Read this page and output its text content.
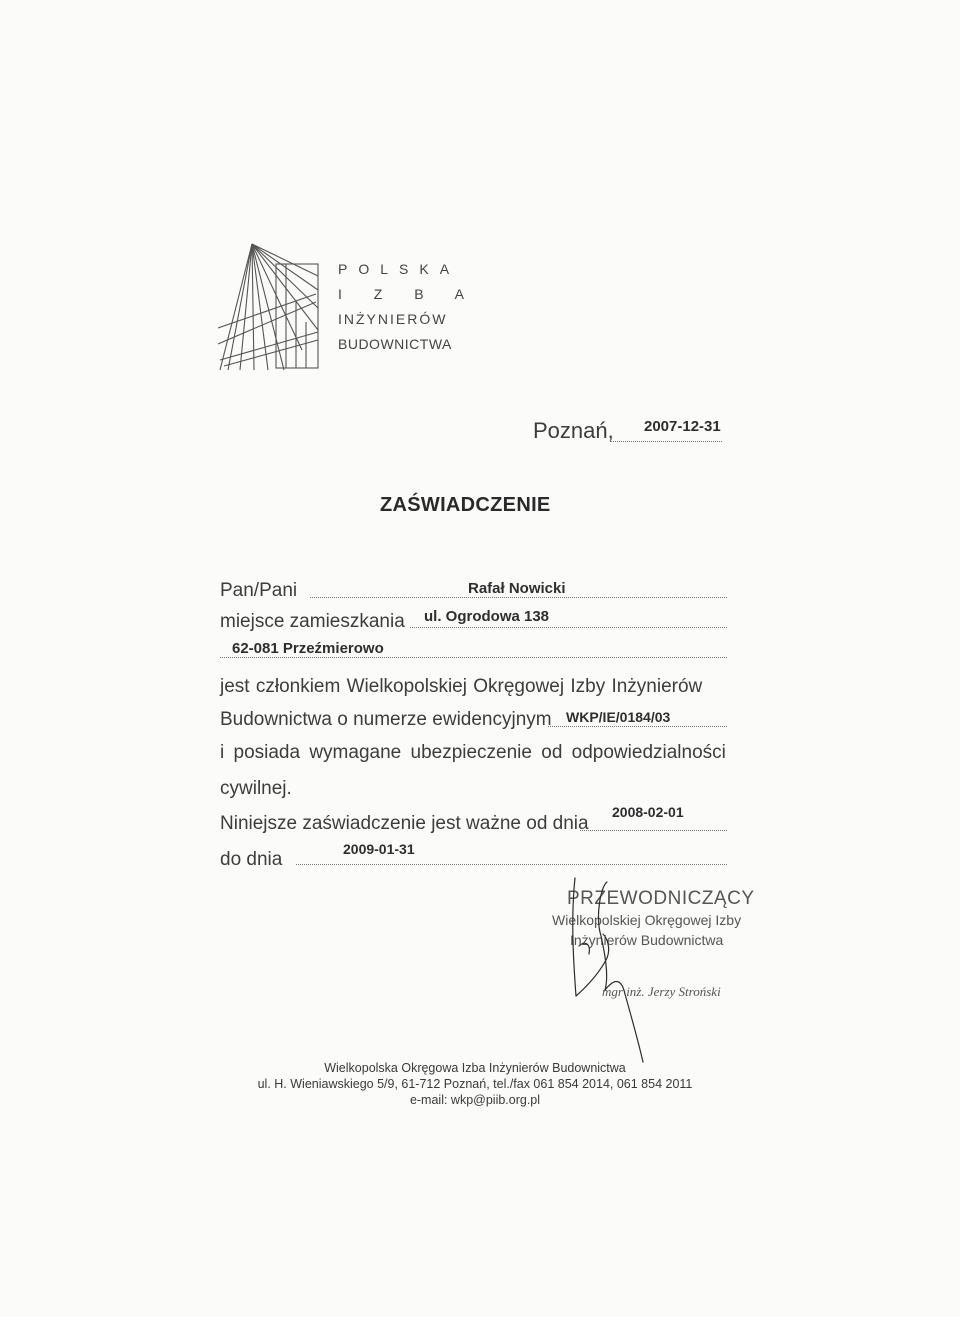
POLSKA
I Z B A
INŻYNIERÓW
BUDOWNICTWA
Poznań, 2007-12-31
ZAŚWIADCZENIE
Pan/Pani	Rafał Nowicki
miejsce zamieszkania ul. Ogrodowa 138
62-081 Przeźmierowo
jest członkiem Wielkopolskiej Okręgowej Izby Inżynierów
Budownictwa o numerze ewidencyjnym WKP/IE/0184/03
i posiada wymagane ubezpieczenie od odpowiedzialności
cywilnej.
Niniejsze zaświadczenie jest ważne od dnia
2008-02-01
do dnia	2009-01-31
PRZEWODNICZĄCY
Wielkopolskiej Okręgowej Izby
Inżynierów Budownictwa
mgr inż. Jerzy Stroński
Wielkopolska Okręgowa Izba Inżynierów Budownictwa
ul. H. Wieniawskiego 5/9, 61-712 Poznań, tel./fax 061 854 2014, 061 854 2011
e-mail: wkp@piib.org.pl
